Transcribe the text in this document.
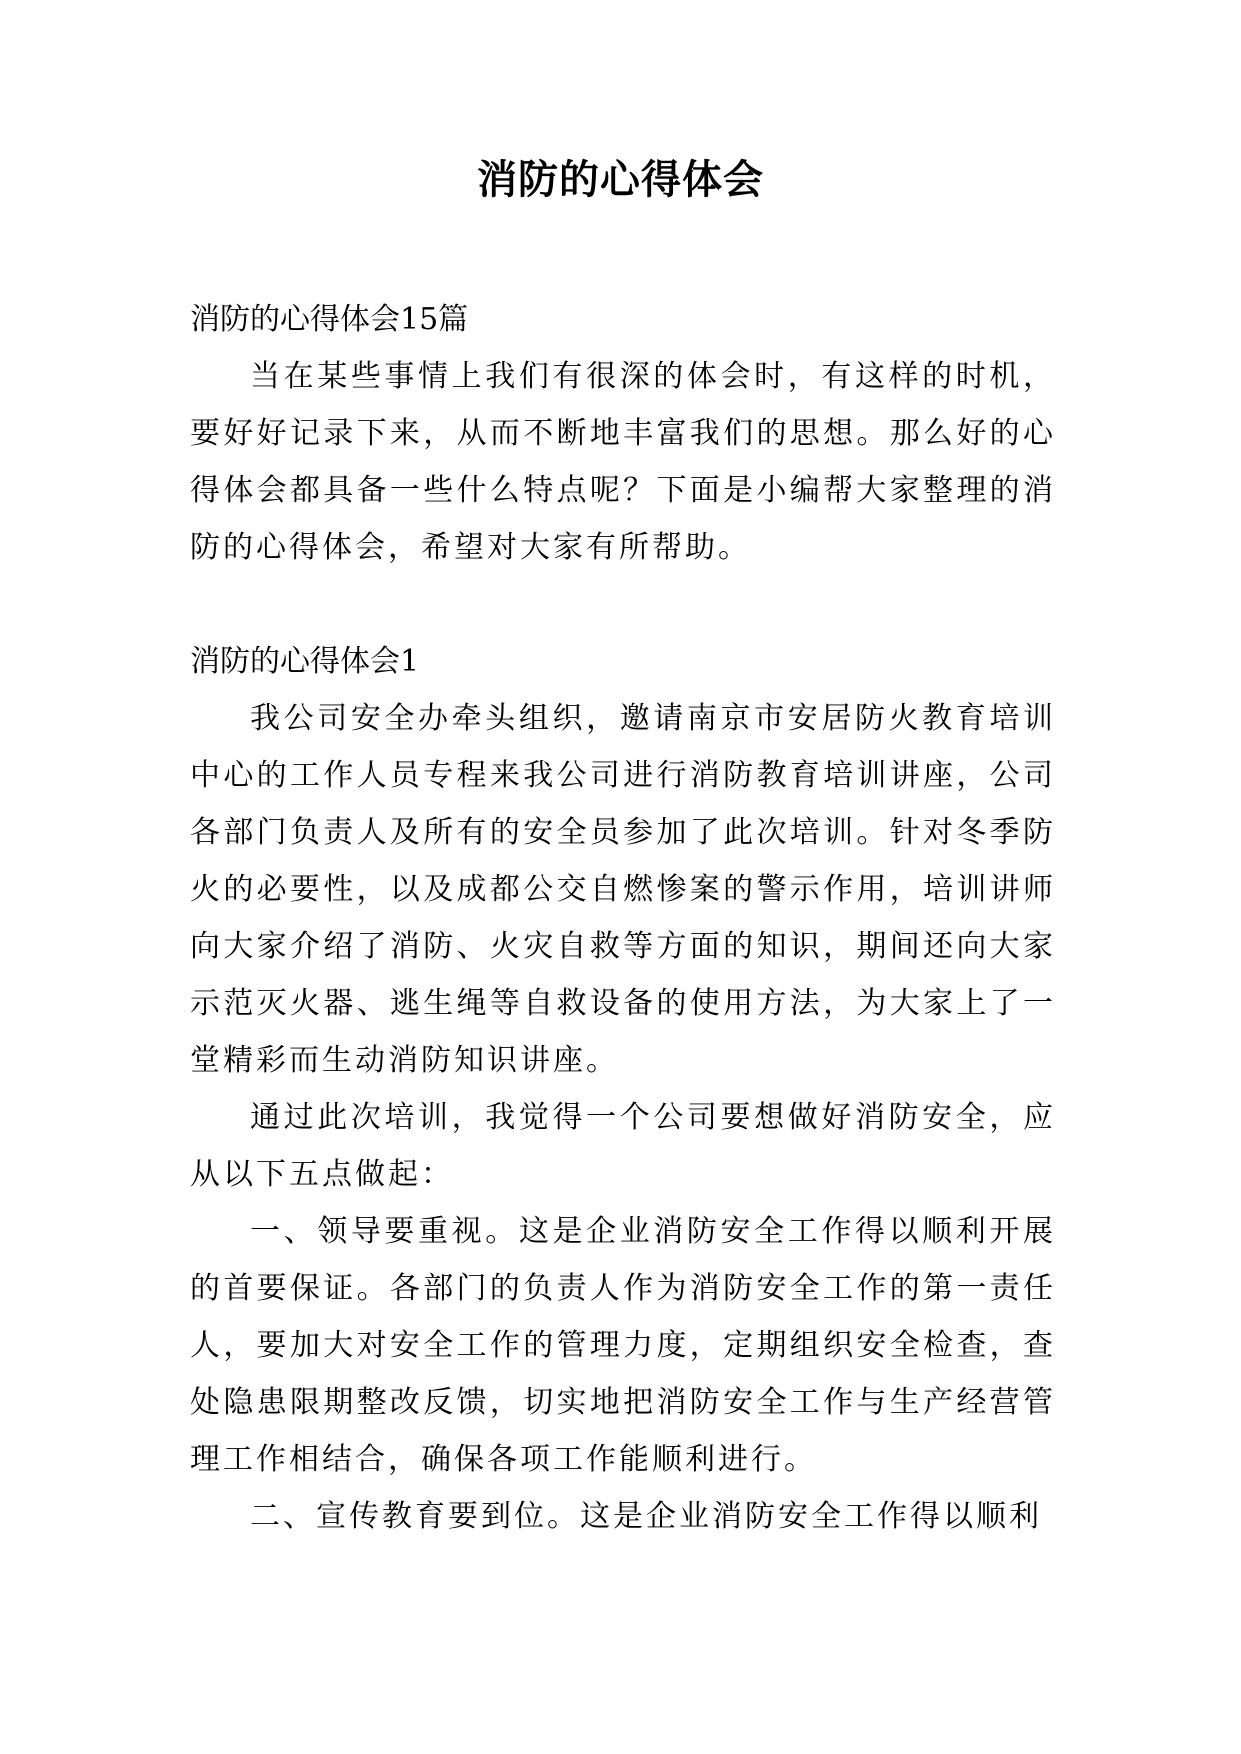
消防的心得体会

消防的心得体会15篇

当在某些事情上我们有很深的体会时，有这样的时机，要好好记录下来，从而不断地丰富我们的思想。那么好的心得体会都具备一些什么特点呢？下面是小编帮大家整理的消防的心得体会，希望对大家有所帮助。

消防的心得体会1

我公司安全办牵头组织，邀请南京市安居防火教育培训中心的工作人员专程来我公司进行消防教育培训讲座，公司各部门负责人及所有的安全员参加了此次培训。针对冬季防火的必要性，以及成都公交自燃惨案的警示作用，培训讲师向大家介绍了消防、火灾自救等方面的知识，期间还向大家示范灭火器、逃生绳等自救设备的使用方法，为大家上了一堂精彩而生动消防知识讲座。

通过此次培训，我觉得一个公司要想做好消防安全，应从以下五点做起：

一、领导要重视。这是企业消防安全工作得以顺利开展的首要保证。各部门的负责人作为消防安全工作的第一责任人，要加大对安全工作的管理力度，定期组织安全检查，查处隐患限期整改反馈，切实地把消防安全工作与生产经营管理工作相结合，确保各项工作能顺利进行。

二、宣传教育要到位。这是企业消防安全工作得以顺利
